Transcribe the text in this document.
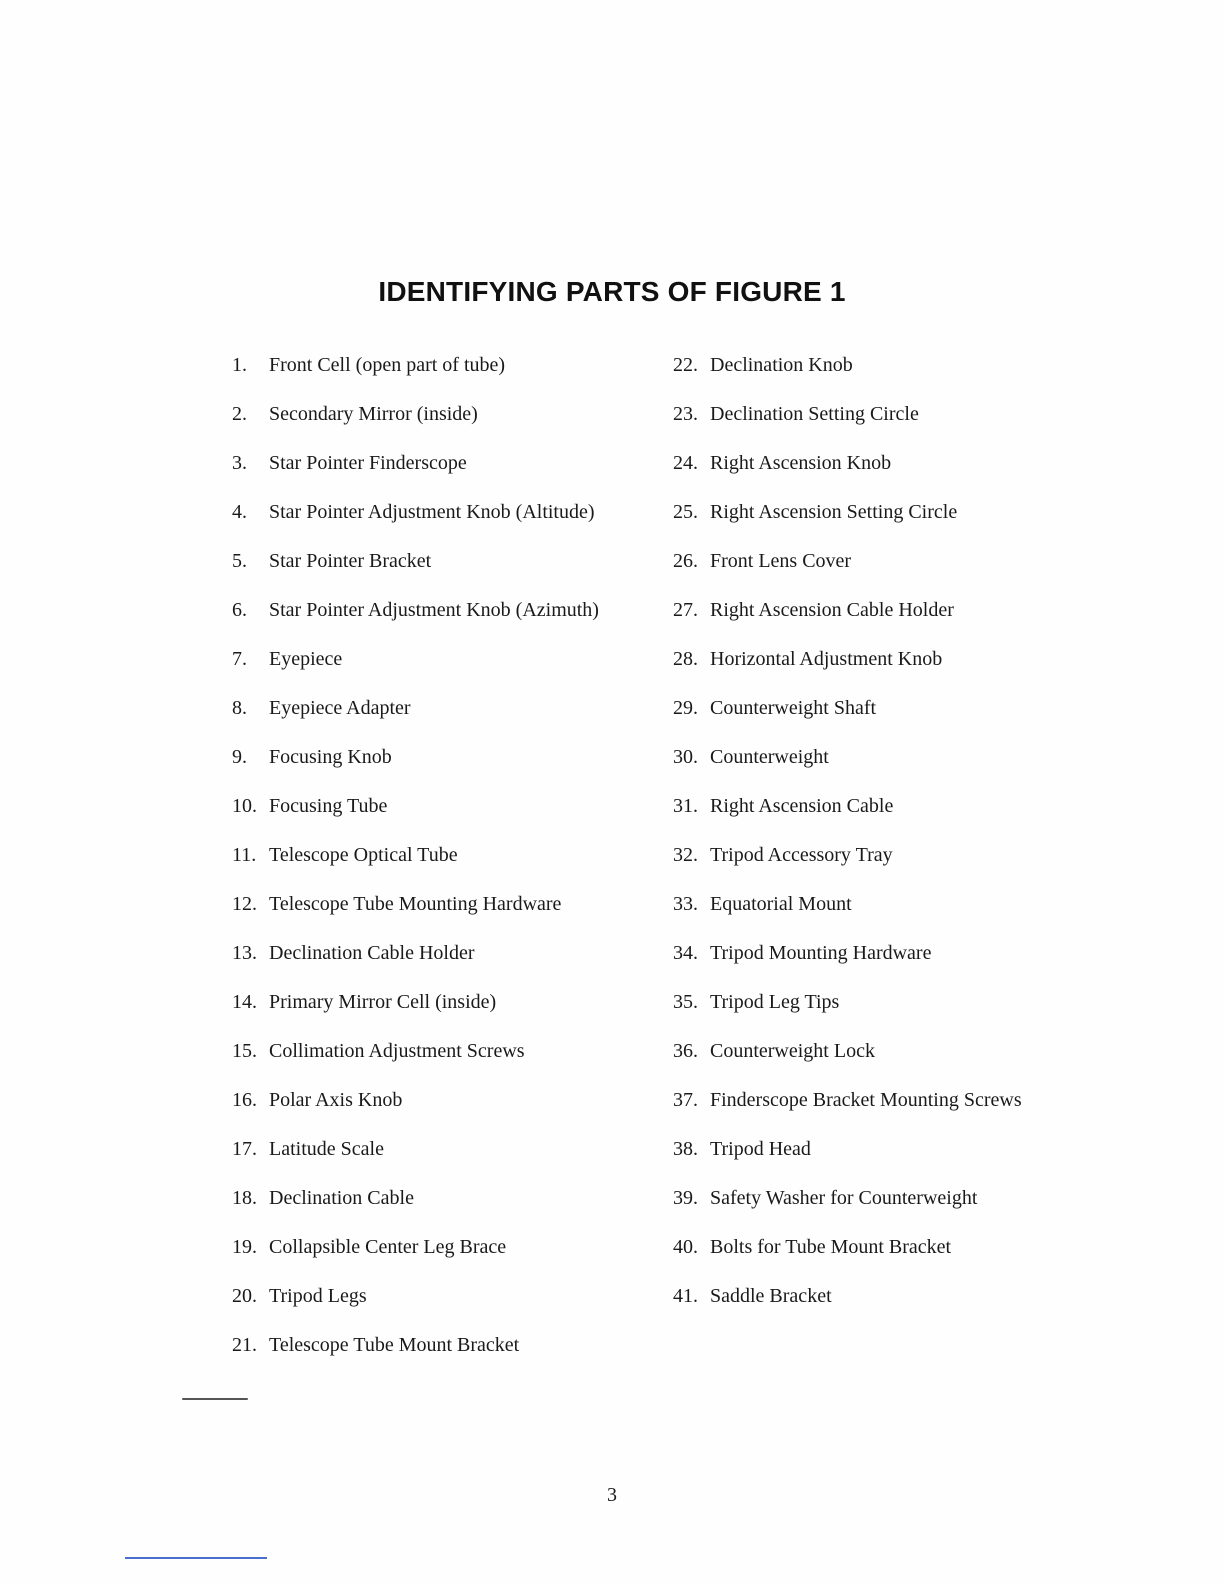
IDENTIFYING PARTS OF FIGURE 1
1.	Front Cell (open part of tube)
2.	Secondary Mirror (inside)
3.	Star Pointer Finderscope
4.	Star Pointer Adjustment Knob (Altitude)
5.	Star Pointer Bracket
6.	Star Pointer Adjustment Knob (Azimuth)
7.	Eyepiece
8.	Eyepiece Adapter
9.	Focusing Knob
10. Focusing Tube
11. Telescope Optical Tube
12. Telescope Tube Mounting Hardware
13. Declination Cable Holder
14. Primary Mirror Cell (inside)
15. Collimation Adjustment Screws
16. Polar Axis Knob
17. Latitude Scale
18. Declination Cable
19. Collapsible Center Leg Brace
20. Tripod Legs
21. Telescope Tube Mount Bracket
22. Declination Knob
23. Declination Setting Circle
24. Right Ascension Knob
25. Right Ascension Setting Circle
26. Front Lens Cover
27. Right Ascension Cable Holder
28. Horizontal Adjustment Knob
29. Counterweight Shaft
30. Counterweight
31. Right Ascension Cable
32. Tripod Accessory Tray
33. Equatorial Mount
34. Tripod Mounting Hardware
35. Tripod Leg Tips
36. Counterweight Lock
37. Finderscope Bracket Mounting Screws
38. Tripod Head
39. Safety Washer for Counterweight
40. Bolts for Tube Mount Bracket
41. Saddle Bracket
3
